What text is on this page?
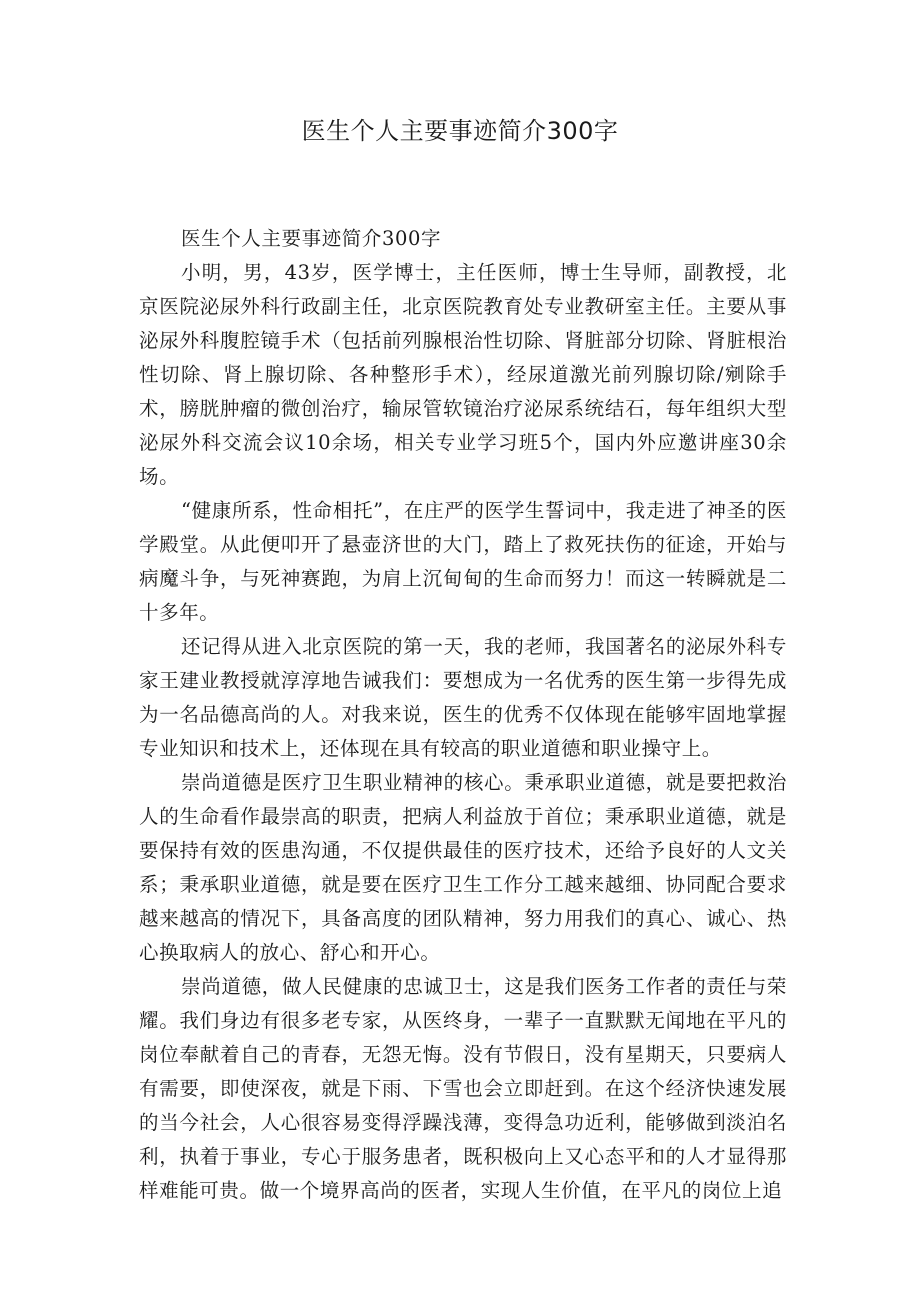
医生个人主要事迹简介300字

医生个人主要事迹简介300字

小明，男，43岁，医学博士，主任医师，博士生导师，副教授，北京医院泌尿外科行政副主任，北京医院教育处专业教研室主任。主要从事泌尿外科腹腔镜手术（包括前列腺根治性切除、肾脏部分切除、肾脏根治性切除、肾上腺切除、各种整形手术），经尿道激光前列腺切除/剜除手术，膀胱肿瘤的微创治疗，输尿管软镜治疗泌尿系统结石，每年组织大型泌尿外科交流会议10余场，相关专业学习班5个，国内外应邀讲座30余场。

“健康所系，性命相托”，在庄严的医学生誓词中，我走进了神圣的医学殿堂。从此便叩开了悬壶济世的大门，踏上了救死扶伤的征途，开始与病魔斗争，与死神赛跑，为肩上沉甸甸的生命而努力！而这一转瞬就是二十多年。

还记得从进入北京医院的第一天，我的老师，我国著名的泌尿外科专家王建业教授就淳淳地告诫我们：要想成为一名优秀的医生第一步得先成为一名品德高尚的人。对我来说，医生的优秀不仅体现在能够牢固地掌握专业知识和技术上，还体现在具有较高的职业道德和职业操守上。

崇尚道德是医疗卫生职业精神的核心。秉承职业道德，就是要把救治人的生命看作最崇高的职责，把病人利益放于首位；秉承职业道德，就是要保持有效的医患沟通，不仅提供最佳的医疗技术，还给予良好的人文关系；秉承职业道德，就是要在医疗卫生工作分工越来越细、协同配合要求越来越高的情况下，具备高度的团队精神，努力用我们的真心、诚心、热心换取病人的放心、舒心和开心。

崇尚道德，做人民健康的忠诚卫士，这是我们医务工作者的责任与荣耀。我们身边有很多老专家，从医终身，一辈子一直默默无闻地在平凡的岗位奉献着自己的青春，无怨无悔。没有节假日，没有星期天，只要病人有需要，即使深夜，就是下雨、下雪也会立即赶到。在这个经济快速发展的当今社会，人心很容易变得浮躁浅薄，变得急功近利，能够做到淡泊名利，执着于事业，专心于服务患者，既积极向上又心态平和的人才显得那样难能可贵。做一个境界高尚的医者，实现人生价值，在平凡的岗位上追
